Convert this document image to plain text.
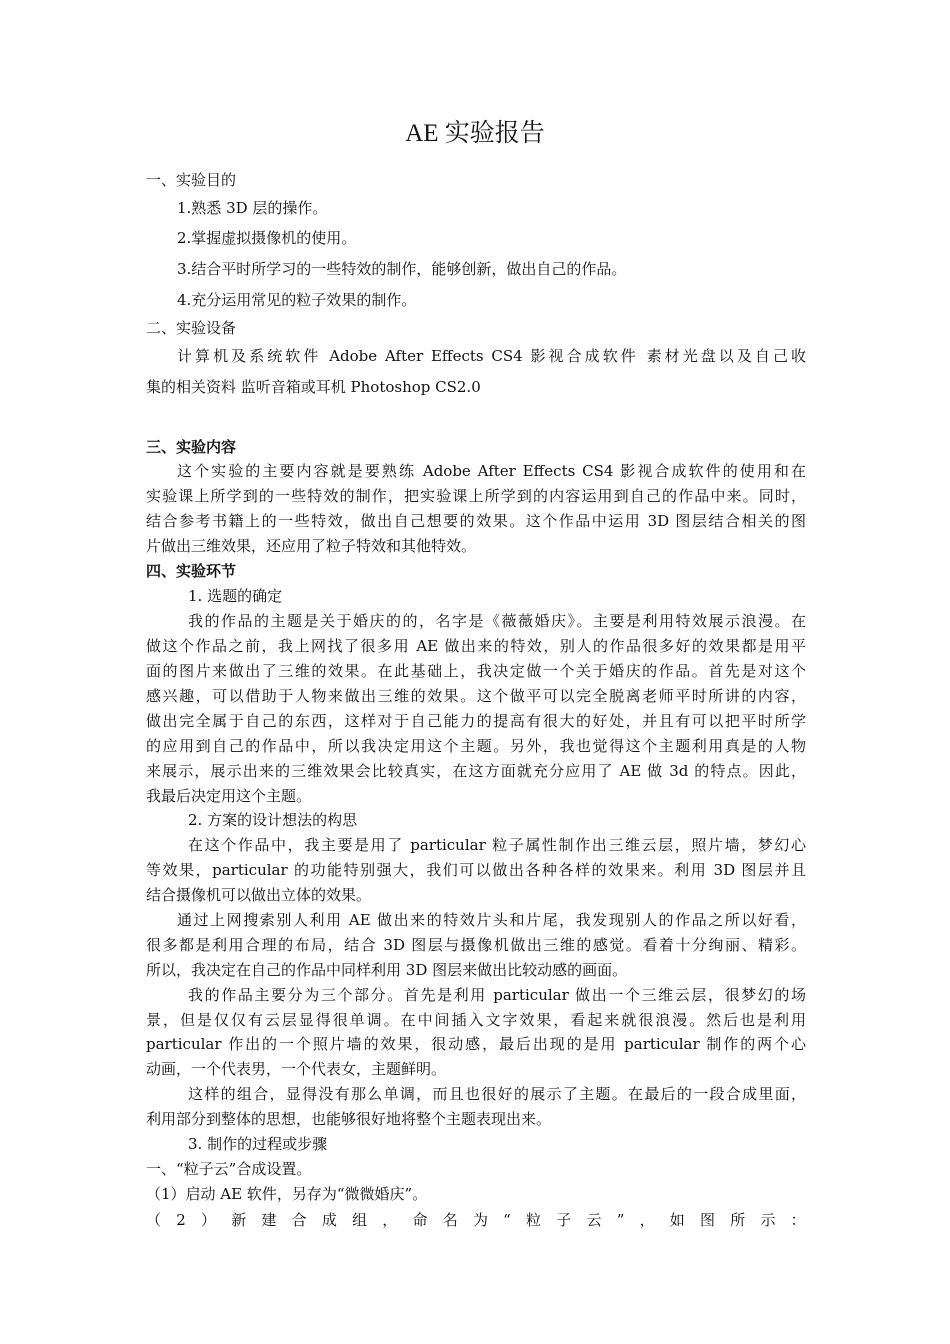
AE 实验报告
一、实验目的
1.熟悉 3D 层的操作。
2.掌握虚拟摄像机的使用。
3.结合平时所学习的一些特效的制作，能够创新，做出自己的作品。
4.充分运用常见的粒子效果的制作。
二、实验设备
计算机及系统软件 Adobe After Effects CS4 影视合成软件 素材光盘以及自己收
集的相关资料 监听音箱或耳机 Photoshop CS2.0
三、实验内容
这个实验的主要内容就是要熟练 Adobe After Effects CS4 影视合成软件的使用和在
实验课上所学到的一些特效的制作，把实验课上所学到的内容运用到自己的作品中来。同时，
结合参考书籍上的一些特效，做出自己想要的效果。这个作品中运用 3D 图层结合相关的图
片做出三维效果，还应用了粒子特效和其他特效。
四、实验环节
1. 选题的确定
我的作品的主题是关于婚庆的的，名字是《薇薇婚庆》。主要是利用特效展示浪漫。在
做这个作品之前，我上网找了很多用 AE 做出来的特效，别人的作品很多好的效果都是用平
面的图片来做出了三维的效果。在此基础上，我决定做一个关于婚庆的作品。首先是对这个
感兴趣，可以借助于人物来做出三维的效果。这个做平可以完全脱离老师平时所讲的内容，
做出完全属于自己的东西，这样对于自己能力的提高有很大的好处，并且有可以把平时所学
的应用到自己的作品中，所以我决定用这个主题。另外，我也觉得这个主题利用真是的人物
来展示，展示出来的三维效果会比较真实，在这方面就充分应用了 AE 做 3d 的特点。因此，
我最后决定用这个主题。
2. 方案的设计想法的构思
在这个作品中，我主要是用了 particular 粒子属性制作出三维云层，照片墙，梦幻心
等效果，particular 的功能特别强大，我们可以做出各种各样的效果来。利用 3D 图层并且
结合摄像机可以做出立体的效果。
通过上网搜索别人利用 AE 做出来的特效片头和片尾，我发现别人的作品之所以好看，
很多都是利用合理的布局，结合 3D 图层与摄像机做出三维的感觉。看着十分绚丽、精彩。
所以，我决定在自己的作品中同样利用 3D 图层来做出比较动感的画面。
我的作品主要分为三个部分。首先是利用 particular 做出一个三维云层，很梦幻的场
景，但是仅仅有云层显得很单调。在中间插入文字效果，看起来就很浪漫。然后也是利用
particular 作出的一个照片墙的效果，很动感，最后出现的是用 particular 制作的两个心
动画，一个代表男，一个代表女，主题鲜明。
这样的组合，显得没有那么单调，而且也很好的展示了主题。在最后的一段合成里面，
利用部分到整体的思想，也能够很好地将整个主题表现出来。
3. 制作的过程或步骤
一、“粒子云”合成设置。
（1）启动 AE 软件，另存为“微微婚庆”。
（ 2 ） 新 建 合 成 组 ， 命 名 为 “ 粒 子 云 ” ， 如 图 所 示 ：
